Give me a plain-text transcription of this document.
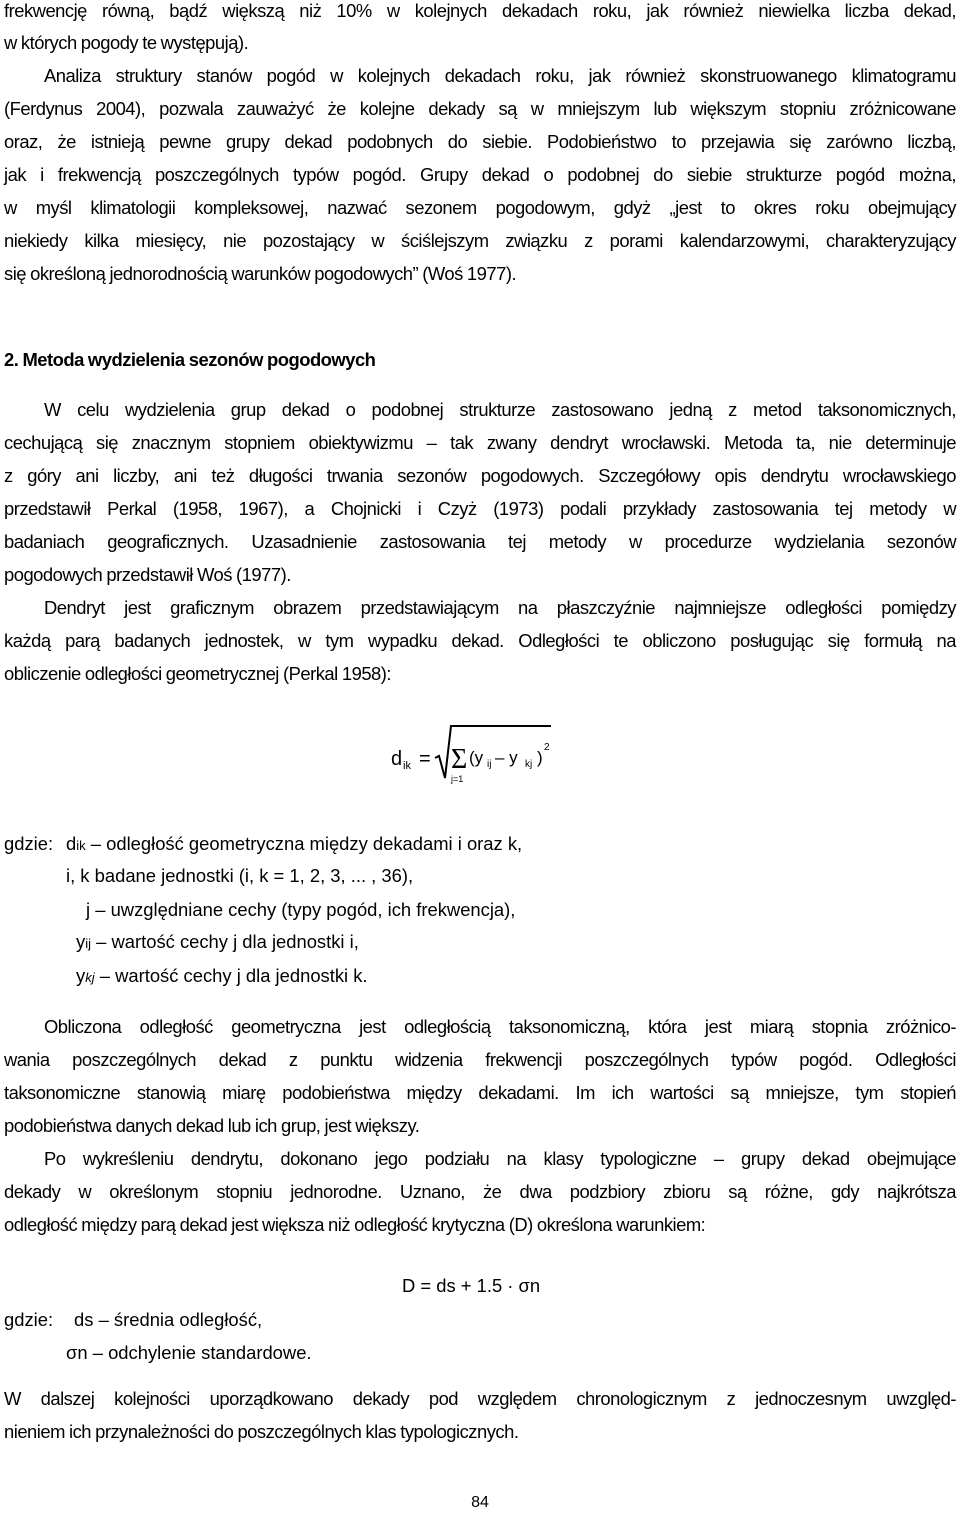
frekwencję równą, bądź większą niż 10% w kolejnych dekadach roku, jak również niewielka liczba dekad,

w których pogody te występują).

Analiza struktury stanów pogód w kolejnych dekadach roku, jak również skonstruowanego klimatogramu

(Ferdynus 2004), pozwala zauważyć że kolejne dekady są w mniejszym lub większym stopniu zróżnicowane

oraz, że istnieją pewne grupy dekad podobnych do siebie. Podobieństwo to przejawia się zarówno liczbą,

jak i frekwencją poszczególnych typów pogód. Grupy dekad o podobnej do siebie strukturze pogód można,

w myśl klimatologii kompleksowej, nazwać sezonem pogodowym, gdyż „jest to okres roku obejmujący

niekiedy kilka miesięcy, nie pozostający w ściślejszym związku z porami kalendarzowymi, charakteryzujący

się określoną jednorodnością warunków pogodowych” (Woś 1977).

2. Metoda wydzielenia sezonów pogodowych

W celu wydzielenia grup dekad o podobnej strukturze zastosowano jedną z metod taksonomicznych,

cechującą się znacznym stopniem obiektywizmu – tak zwany dendryt wrocławski. Metoda ta, nie determinuje

z góry ani liczby, ani też długości trwania sezonów pogodowych. Szczegółowy opis dendrytu wrocławskiego

przedstawił Perkal (1958, 1967), a Chojnicki i Czyż (1973) podali przykłady zastosowania tej metody w

badaniach geograficznych. Uzasadnienie zastosowania tej metody w procedurze wydzielania sezonów

pogodowych przedstawił Woś (1977).

Dendryt jest graficznym obrazem przedstawiającym na płaszczyźnie najmniejsze odległości pomiędzy

każdą parą badanych jednostek, w tym wypadku dekad. Odległości te obliczono posługując się formułą na

obliczenie odległości geometrycznej (Perkal 1958):

d ik = Σ
j=1
(y ij – y kj )
2
gdzie: dik – odległość geometryczna między dekadami i oraz k,
i, k badane jednostki (i, k = 1, 2, 3, ... , 36),
j – uwzględniane cechy (typy pogód, ich frekwencja),
yij – wartość cechy j dla jednostki i,
ykj – wartość cechy j dla jednostki k.

Obliczona odległość geometryczna jest odległością taksonomiczną, która jest miarą stopnia zróżnico-

wania poszczególnych dekad z punktu widzenia frekwencji poszczególnych typów pogód. Odległości

taksonomiczne stanowią miarę podobieństwa między dekadami. Im ich wartości są mniejsze, tym stopień

podobieństwa danych dekad lub ich grup, jest większy.

Po wykreśleniu dendrytu, dokonano jego podziału na klasy typologiczne – grupy dekad obejmujące

dekady w określonym stopniu jednorodne. Uznano, że dwa podzbiory zbioru są różne, gdy najkrótsza

odległość między parą dekad jest większa niż odległość krytyczna (D) określona warunkiem:

D = ds + 1.5 · σn
gdzie: ds – średnia odległość,
σn – odchylenie standardowe.

W dalszej kolejności uporządkowano dekady pod względem chronologicznym z jednoczesnym uwzględ-

nieniem ich przynależności do poszczególnych klas typologicznych.

84
